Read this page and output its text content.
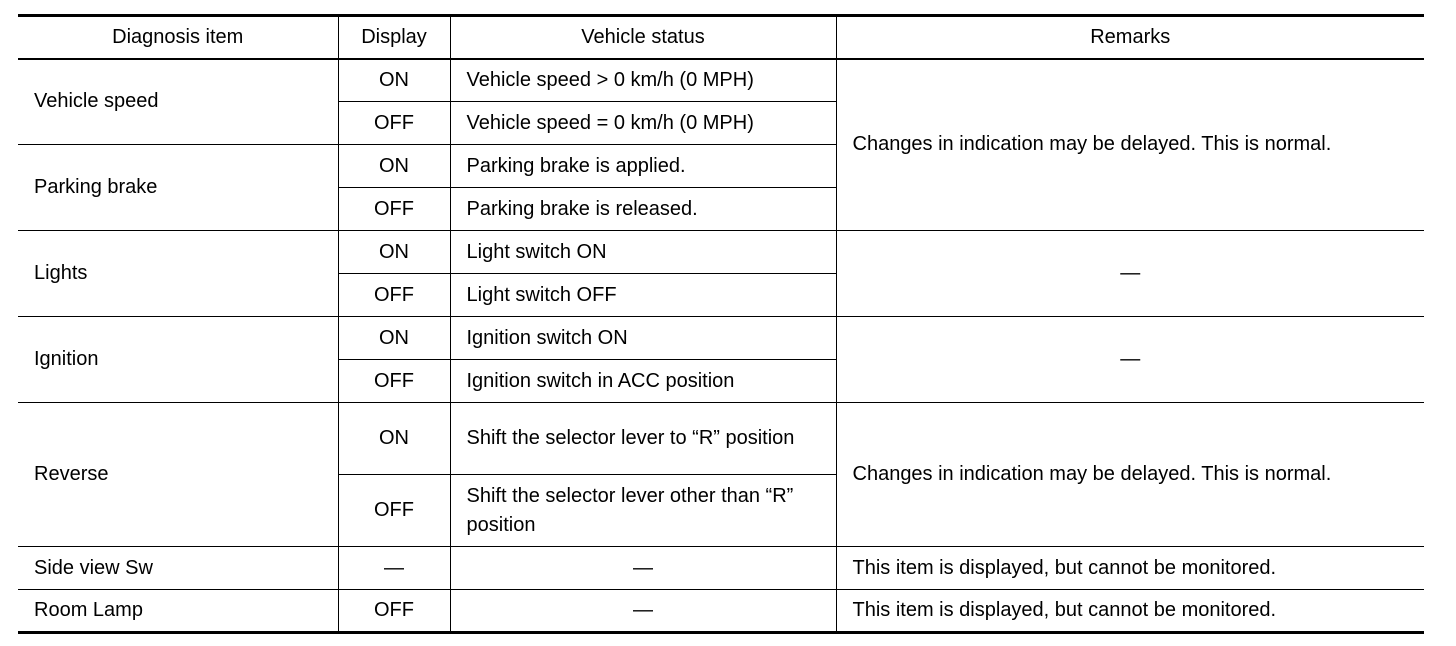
Diagnosis item	Display	Vehicle status	Remarks
Vehicle speed	ON	Vehicle speed > 0 km/h (0 MPH)	Changes in indication may be delayed. This is normal.
	OFF	Vehicle speed = 0 km/h (0 MPH)	
Parking brake	ON	Parking brake is applied.	
	OFF	Parking brake is released.	
Lights	ON	Light switch ON	—
	OFF	Light switch OFF	
Ignition	ON	Ignition switch ON	—
	OFF	Ignition switch in ACC position	
Reverse	ON	Shift the selector lever to “R” position	Changes in indication may be delayed. This is normal.
	OFF	Shift the selector lever other than “R” position	
Side view Sw	—	—	This item is displayed, but cannot be monitored.
Room Lamp	OFF	—	This item is displayed, but cannot be monitored.
